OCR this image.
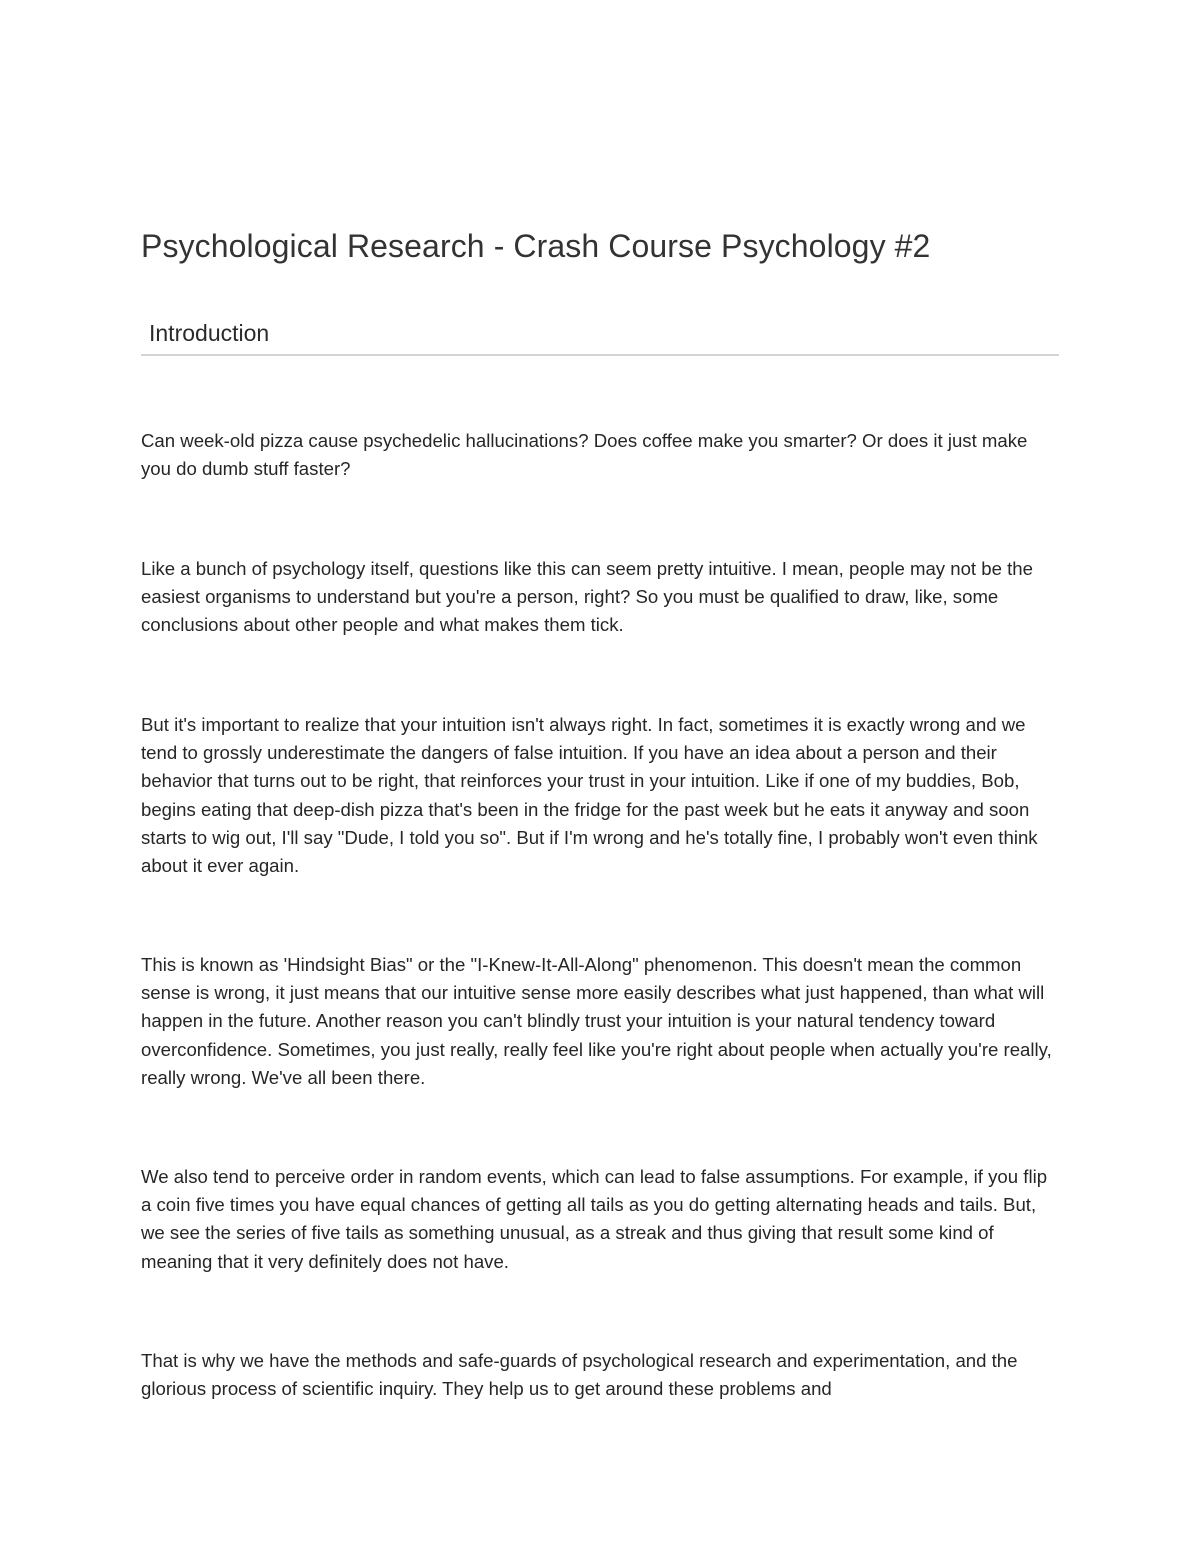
Psychological Research - Crash Course Psychology #2
Introduction

Can week-old pizza cause psychedelic hallucinations? Does coffee make you smarter? Or does it just make you do dumb stuff faster?

Like a bunch of psychology itself, questions like this can seem pretty intuitive. I mean, people may not be the easiest organisms to understand but you're a person, right? So you must be qualified to draw, like, some conclusions about other people and what makes them tick.

But it's important to realize that your intuition isn't always right. In fact, sometimes it is exactly wrong and we tend to grossly underestimate the dangers of false intuition. If you have an idea about a person and their behavior that turns out to be right, that reinforces your trust in your intuition. Like if one of my buddies, Bob, begins eating that deep-dish pizza that's been in the fridge for the past week but he eats it anyway and soon starts to wig out, I'll say "Dude, I told you so". But if I'm wrong and he's totally fine, I probably won't even think about it ever again.

This is known as 'Hindsight Bias" or the "I-Knew-It-All-Along" phenomenon. This doesn't mean the common sense is wrong, it just means that our intuitive sense more easily describes what just happened, than what will happen in the future. Another reason you can't blindly trust your intuition is your natural tendency toward overconfidence. Sometimes, you just really, really feel like you're right about people when actually you're really, really wrong. We've all been there.

We also tend to perceive order in random events, which can lead to false assumptions. For example, if you flip a coin five times you have equal chances of getting all tails as you do getting alternating heads and tails. But, we see the series of five tails as something unusual, as a streak and thus giving that result some kind of meaning that it very definitely does not have.

That is why we have the methods and safe-guards of psychological research and experimentation, and the glorious process of scientific inquiry. They help us to get around these problems and
